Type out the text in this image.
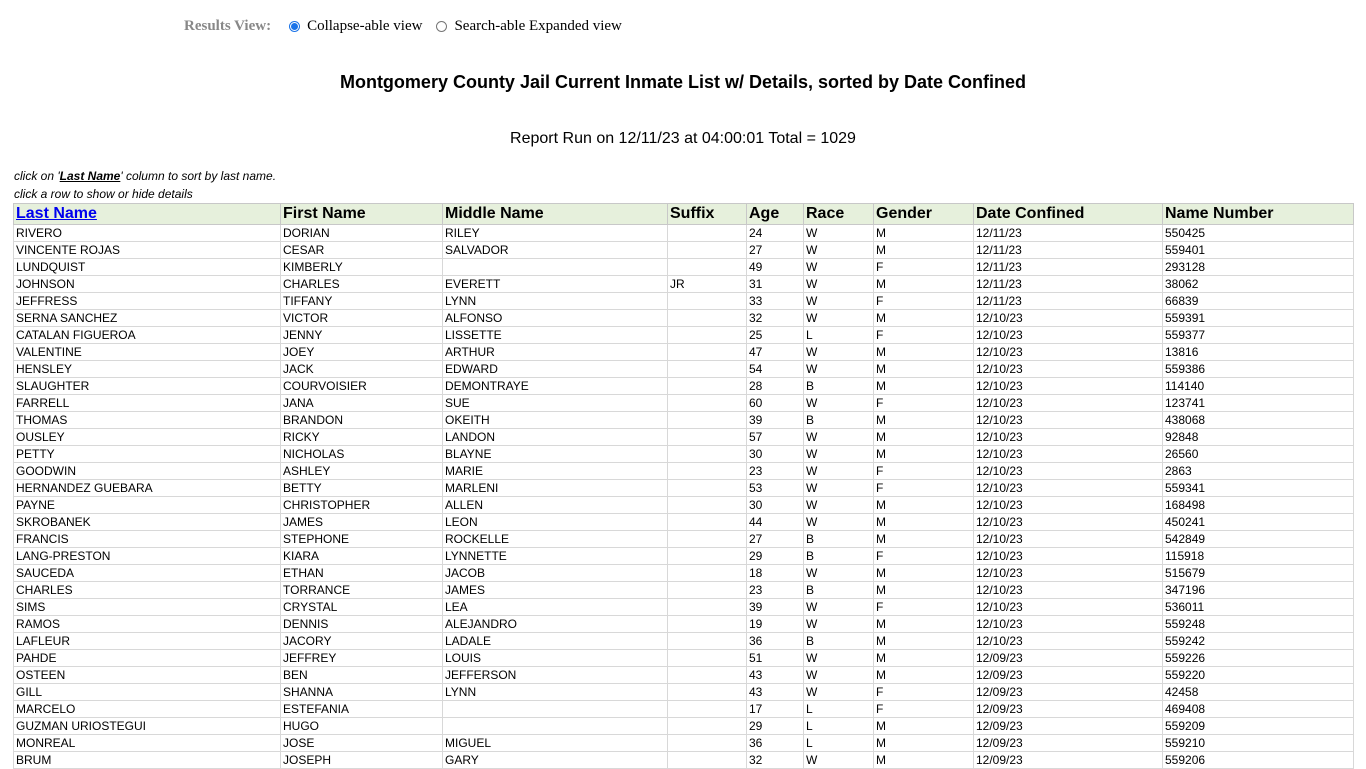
Results View: Collapse-able view Search-able Expanded view
Montgomery County Jail Current Inmate List w/ Details, sorted by Date Confined
Report Run on 12/11/23 at 04:00:01 Total = 1029
click on 'Last Name' column to sort by last name.
click a row to show or hide details
Last Name	First Name	Middle Name	Suffix	Age	Race	Gender	Date Confined	Name Number
RIVERO	DORIAN	RILEY		24	W	M	12/11/23	550425
VINCENTE ROJAS	CESAR	SALVADOR		27	W	M	12/11/23	559401
LUNDQUIST	KIMBERLY			49	W	F	12/11/23	293128
JOHNSON	CHARLES	EVERETT	JR	31	W	M	12/11/23	38062
JEFFRESS	TIFFANY	LYNN		33	W	F	12/11/23	66839
SERNA SANCHEZ	VICTOR	ALFONSO		32	W	M	12/10/23	559391
CATALAN FIGUEROA	JENNY	LISSETTE		25	L	F	12/10/23	559377
VALENTINE	JOEY	ARTHUR		47	W	M	12/10/23	13816
HENSLEY	JACK	EDWARD		54	W	M	12/10/23	559386
SLAUGHTER	COURVOISIER	DEMONTRAYE		28	B	M	12/10/23	114140
FARRELL	JANA	SUE		60	W	F	12/10/23	123741
THOMAS	BRANDON	OKEITH		39	B	M	12/10/23	438068
OUSLEY	RICKY	LANDON		57	W	M	12/10/23	92848
PETTY	NICHOLAS	BLAYNE		30	W	M	12/10/23	26560
GOODWIN	ASHLEY	MARIE		23	W	F	12/10/23	2863
HERNANDEZ GUEBARA	BETTY	MARLENI		53	W	F	12/10/23	559341
PAYNE	CHRISTOPHER	ALLEN		30	W	M	12/10/23	168498
SKROBANEK	JAMES	LEON		44	W	M	12/10/23	450241
FRANCIS	STEPHONE	ROCKELLE		27	B	M	12/10/23	542849
LANG-PRESTON	KIARA	LYNNETTE		29	B	F	12/10/23	115918
SAUCEDA	ETHAN	JACOB		18	W	M	12/10/23	515679
CHARLES	TORRANCE	JAMES		23	B	M	12/10/23	347196
SIMS	CRYSTAL	LEA		39	W	F	12/10/23	536011
RAMOS	DENNIS	ALEJANDRO		19	W	M	12/10/23	559248
LAFLEUR	JACORY	LADALE		36	B	M	12/10/23	559242
PAHDE	JEFFREY	LOUIS		51	W	M	12/09/23	559226
OSTEEN	BEN	JEFFERSON		43	W	M	12/09/23	559220
GILL	SHANNA	LYNN		43	W	F	12/09/23	42458
MARCELO	ESTEFANIA			17	L	F	12/09/23	469408
GUZMAN URIOSTEGUI	HUGO			29	L	M	12/09/23	559209
MONREAL	JOSE	MIGUEL		36	L	M	12/09/23	559210
BRUM	JOSEPH	GARY		32	W	M	12/09/23	559206
